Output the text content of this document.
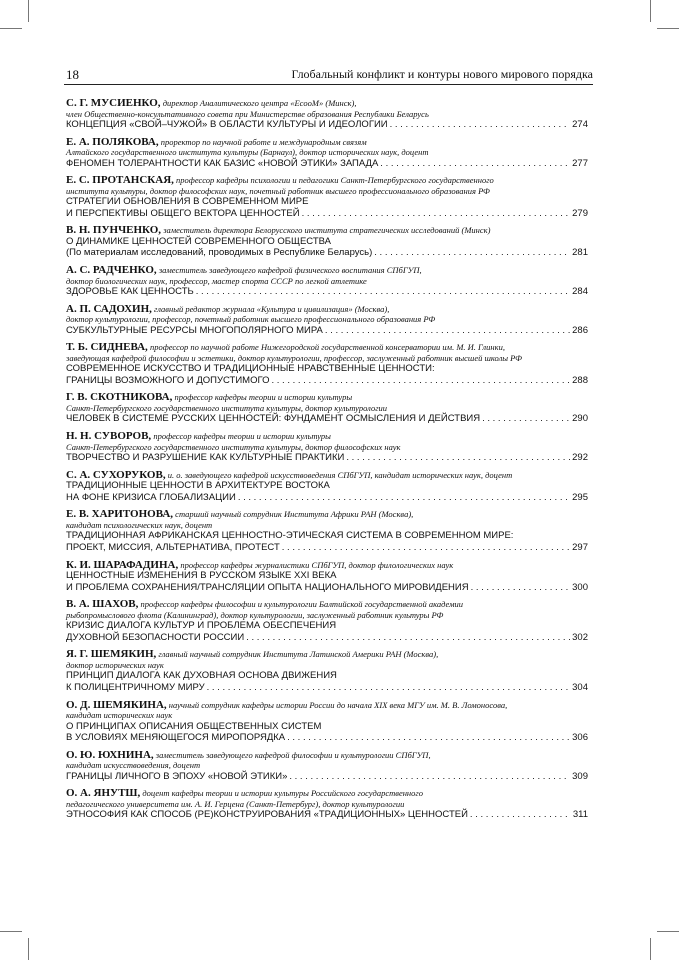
18	Глобальный конфликт и контуры нового мирового порядка
С. Г. МУСИЕНКО, директор Аналитического центра «EcooM» (Минск),
член Общественно-консультативного совета при Министерстве образования Республики Беларусь
КОНЦЕПЦИЯ «СВОЙ–ЧУЖОЙ» В ОБЛАСТИ КУЛЬТУРЫ И ИДЕОЛОГИИ . . .	274
Е. А. ПОЛЯКОВА, проректор по научной работе и международным связям
Алтайского государственного института культуры (Барнаул), доктор исторических наук, доцент
ФЕНОМЕН ТОЛЕРАНТНОСТИ КАК БАЗИС «НОВОЙ ЭТИКИ» ЗАПАДА . . .	277
Е. С. ПРОТАНСКАЯ, профессор кафедры психологии и педагогики Санкт-Петербургского государственного
института культуры, доктор философских наук, почетный работник высшего профессионального образования РФ
СТРАТЕГИИ ОБНОВЛЕНИЯ В СОВРЕМЕННОМ МИРЕ
И ПЕРСПЕКТИВЫ ОБЩЕГО ВЕКТОРА ЦЕННОСТЕЙ . . .	279
В. Н. ПУНЧЕНКО, заместитель директора Белорусского института стратегических исследований (Минск)
О ДИНАМИКЕ ЦЕННОСТЕЙ СОВРЕМЕННОГО ОБЩЕСТВА
(По материалам исследований, проводимых в Республике Беларусь) . . .	281
А. С. РАДЧЕНКО, заместитель заведующего кафедрой физического воспитания СПбГУП,
доктор биологических наук, профессор, мастер спорта СССР по легкой атлетике
ЗДОРОВЬЕ КАК ЦЕННОСТЬ . . .	284
А. П. САДОХИН, главный редактор журнала «Культура и цивилизация» (Москва),
доктор культурологии, профессор, почетный работник высшего профессионального образования РФ
СУБКУЛЬТУРНЫЕ РЕСУРСЫ МНОГОПОЛЯРНОГО МИРА . . .	286
Т. Б. СИДНЕВА, профессор по научной работе Нижегородской государственной консерватории им. М. И. Глинки,
заведующая кафедрой философии и эстетики, доктор культурологии, профессор, заслуженный работник высшей школы РФ
СОВРЕМЕННОЕ ИСКУССТВО И ТРАДИЦИОННЫЕ НРАВСТВЕННЫЕ ЦЕННОСТИ:
ГРАНИЦЫ ВОЗМОЖНОГО И ДОПУСТИМОГО . . .	288
Г. В. СКОТНИКОВА, профессор кафедры теории и истории культуры
Санкт-Петербургского государственного института культуры, доктор культурологии
ЧЕЛОВЕК В СИСТЕМЕ РУССКИХ ЦЕННОСТЕЙ: ФУНДАМЕНТ ОСМЫСЛЕНИЯ И ДЕЙСТВИЯ . . .	290
Н. Н. СУВОРОВ, профессор кафедры теории и истории культуры
Санкт-Петербургского государственного института культуры, доктор философских наук
ТВОРЧЕСТВО И РАЗРУШЕНИЕ КАК КУЛЬТУРНЫЕ ПРАКТИКИ . . .	292
С. А. СУХОРУКОВ, и. о. заведующего кафедрой искусствоведения СПбГУП, кандидат исторических наук, доцент
ТРАДИЦИОННЫЕ ЦЕННОСТИ В АРХИТЕКТУРЕ ВОСТОКА
НА ФОНЕ КРИЗИСА ГЛОБАЛИЗАЦИИ . . .	295
Е. В. ХАРИТОНОВА, старший научный сотрудник Института Африки РАН (Москва),
кандидат психологических наук, доцент
ТРАДИЦИОННАЯ АФРИКАНСКАЯ ЦЕННОСТНО-ЭТИЧЕСКАЯ СИСТЕМА В СОВРЕМЕННОМ МИРЕ:
ПРОЕКТ, МИССИЯ, АЛЬТЕРНАТИВА, ПРОТЕСТ . . .	297
К. И. ШАРАФАДИНА, профессор кафедры журналистики СПбГУП, доктор филологических наук
ЦЕННОСТНЫЕ ИЗМЕНЕНИЯ В РУССКОМ ЯЗЫКЕ XXI ВЕКА
И ПРОБЛЕМА СОХРАНЕНИЯ/ТРАНСЛЯЦИИ ОПЫТА НАЦИОНАЛЬНОГО МИРОВИДЕНИЯ . . .	300
В. А. ШАХОВ, профессор кафедры философии и культурологии Балтийской государственной академии
рыбопромыслового флота (Калининград), доктор культурологии, заслуженный работник культуры РФ
КРИЗИС ДИАЛОГА КУЛЬТУР И ПРОБЛЕМА ОБЕСПЕЧЕНИЯ
ДУХОВНОЙ БЕЗОПАСНОСТИ РОССИИ . . .	302
Я. Г. ШЕМЯКИН, главный научный сотрудник Института Латинской Америки РАН (Москва),
доктор исторических наук
ПРИНЦИП ДИАЛОГА КАК ДУХОВНАЯ ОСНОВА ДВИЖЕНИЯ
К ПОЛИЦЕНТРИЧНОМУ МИРУ . . .	304
О. Д. ШЕМЯКИНА, научный сотрудник кафедры истории России до начала XIX века МГУ им. М. В. Ломоносова,
кандидат исторических наук
О ПРИНЦИПАХ ОПИСАНИЯ ОБЩЕСТВЕННЫХ СИСТЕМ
В УСЛОВИЯХ МЕНЯЮЩЕГОСЯ МИРОПОРЯДКА . . .	306
О. Ю. ЮХНИНА, заместитель заведующего кафедрой философии и культурологии СПбГУП,
кандидат искусствоведения, доцент
ГРАНИЦЫ ЛИЧНОГО В ЭПОХУ «НОВОЙ ЭТИКИ» . . .	309
О. А. ЯНУТШ, доцент кафедры теории и истории культуры Российского государственного
педагогического университета им. А. И. Герцена (Санкт-Петербург), доктор культурологии
ЭТНОСОФИЯ КАК СПОСОБ (РЕ)КОНСТРУИРОВАНИЯ «ТРАДИЦИОННЫХ» ЦЕННОСТЕЙ . . .	311
